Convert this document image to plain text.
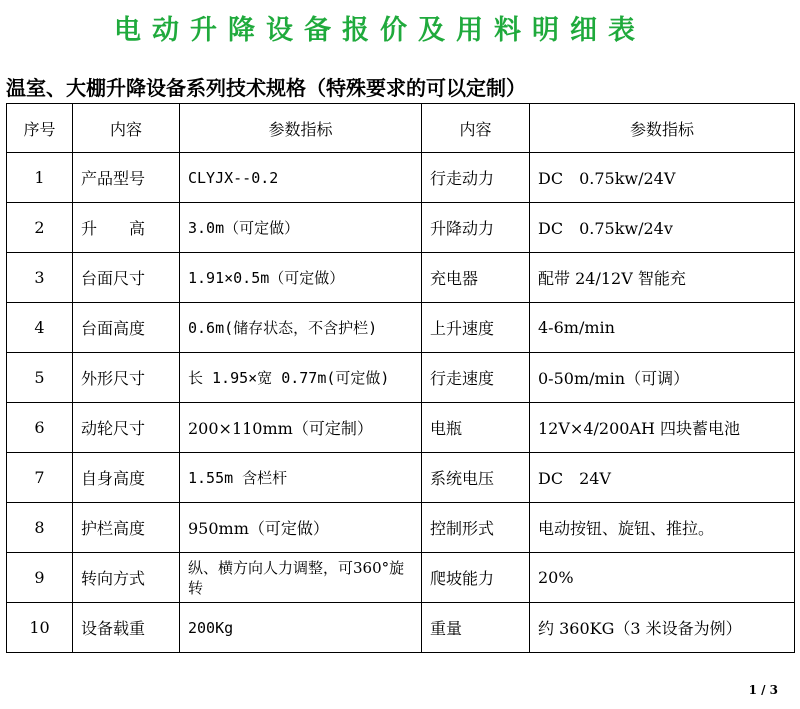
电动升降设备报价及用料明细表
温室、大棚升降设备系列技术规格（特殊要求的可以定制）
序号	内容	参数指标	内容	参数指标
1	产品型号	CLYJX--0.2	行走动力	DC　0.75kw/24V
2	升　　高	3.0m（可定做）	升降动力	DC　0.75kw/24v
3	台面尺寸	1.91×0.5m（可定做）	充电器	配带 24/12V 智能充
4	台面高度	0.6m(储存状态，不含护栏)	上升速度	4-6m/min
5	外形尺寸	长 1.95×宽 0.77m(可定做)	行走速度	0-50m/min（可调）
6	动轮尺寸	200×110mm（可定制）	电瓶	12V×4/200AH 四块蓄电池
7	自身高度	1.55m 含栏杆	系统电压	DC　24V
8	护栏高度	950mm（可定做）	控制形式	电动按钮、旋钮、推拉。
9	转向方式	纵、横方向人力调整，可360°旋转	爬坡能力	20%
10	设备载重	200Kg	重量	约 360KG（3 米设备为例）
1 / 3
